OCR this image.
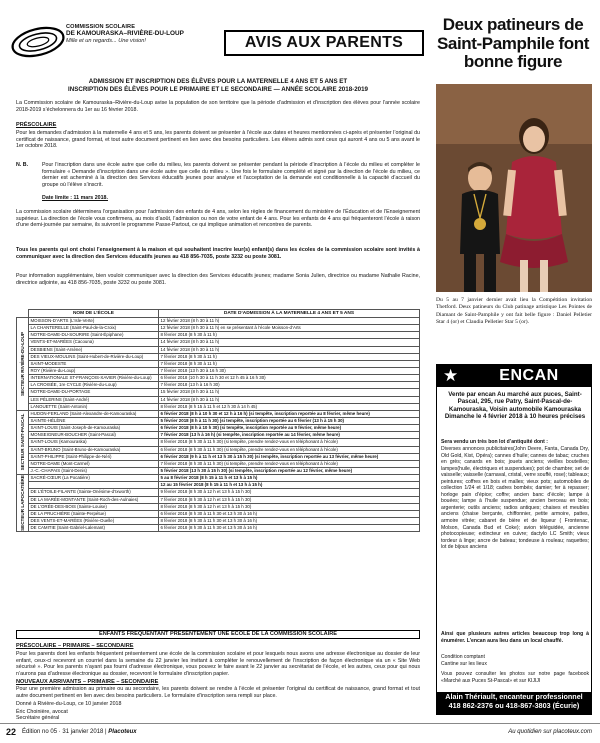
COMMISSION SCOLAIRE
DE KAMOURASKA–RIVIÈRE-DU-LOUP
Mille et un regards... Une vision!	AVIS AUX PARENTS
ADMISSION ET INSCRIPTION DES ÉLÈVES POUR LA MATERNELLE 4 ANS ET 5 ANS ET
INSCRIPTION DES ÉLÈVES POUR LE PRIMAIRE ET LE SECONDAIRE — ANNÉE SCOLAIRE 2018-2019
La Commission scolaire de Kamouraska–Rivière-du-Loup avise la population de son territoire que la période d’admission et d’inscription des élèves pour l’année scolaire 2018-2019 s’échelonnera du 1er au 16 février 2018.
PRÉSCOLAIRE
Pour les demandes d’admission à la maternelle 4 ans et 5 ans, les parents doivent se présenter à l’école aux dates et heures mentionnées ci-après et présenter l’original du certificat de naissance, grand format, et tout autre document pertinent en lien avec des besoins particuliers. Les élèves admis sont ceux qui auront 4 ans ou 5 ans avant le 1er octobre 2018.
N. B.	Pour l’inscription dans une école autre que celle du milieu, les parents doivent se présenter pendant la période d’inscription à l’école du milieu et compléter le formulaire « Demande d’inscription dans une école autre que celle du milieu ». Une fois le formulaire complété et signé par la direction de l’école du milieu, ce dernier est acheminé à la direction des Services éducatifs jeunes pour analyse et l’acceptation de la demande est conditionnelle à la capacité d’accueil du groupe où l’élève s’inscrit.
Date limite : 11 mars 2018.
La commission scolaire déterminera l’organisation pour l’admission des enfants de 4 ans, selon les règles de financement du ministère de l’Éducation et de l’Enseignement supérieur. La direction de l’école vous confirmera, au mois d’août, l’admission ou non de votre enfant de 4 ans. Pour les enfants de 4 ans qui fréquenteront l’école à raison d’une demi-journée par semaine, ils suivront le programme Passe-Partout, ce qui implique animation et rencontres de parents.
Tous les parents qui ont choisi l’enseignement à la maison et qui souhaitent inscrire leur(s) enfant(s) dans les écoles de la commission scolaire sont invités à communiquer avec la direction des Services éducatifs jeunes au 418 856-7035, poste 3232 ou poste 3081.
Pour information supplémentaire, bien vouloir communiquer avec la direction des Services éducatifs jeunes; madame Sonia Julien, directrice ou madame Nathalie Racine, directrice adjointe, au 418 856-7035, poste 3232 ou poste 3081.
	NOM DE L’ÉCOLE	DATE D’ADMISSION À LA MATERNELLE 4 ANS ET 5 ANS

SECTEUR RIVIÈRE-DU-LOUP	MOISSON-D’ARTS (L’Isle-Verte)	12 février 2018 (8 h 30 à 11 h)
	LA CHANTERELLE (Saint-Paul-de-la-Croix)	12 février 2018 (8 h 30 à 11 h) en se présentant à l’école Moisson-d’Arts
	NOTRE-DAME-DU-SOURIRE (Saint-Épiphane)	8 février 2018 (8 h 30 à 11 h)
	VENTS-ET-MARÉES (Cacouna)	14 février 2018 (8 h 30 à 11 h)
	DESBIENS (Saint-Arsène)	14 février 2018 (8 h 30 à 11 h)
	DES VIEUX-MOULINS (Saint-Hubert-de-Rivière-du-Loup)	7 février 2018 (8 h 30 à 11 h)
	SAINT-MODESTE	7 février 2018 (8 h 30 à 11 h)
	ROY (Rivière-du-Loup)	7 février 2018 (13 h 30 à 16 h 30)
	INTERNATIONALE ST-FRANÇOIS-XAVIER (Rivière-du-Loup)	6 février 2018 (10 h 30 à 11 h 30 et 12 h 45 à 16 h 30)
	LA CROISÉE, 1re CYCLE (Rivière-du-Loup)	7 février 2018 (13 h à 16 h 30)
	NOTRE-DAME-DU-PORTAGE	15 février 2018 (8 h 30 à 11 h)
	LES PÈLERINS (Saint-André)	14 février 2018 (8 h 30 à 11 h)
	LANOUETTE (Saint-Antonin)	8 février 2018 (8 h 15 à 11 h et 12 h 30 à 14 h 45)

SECTEUR SAINT-PASCAL	HUDON-FERLAND (Saint-Alexandre-de-Kamouraska)	6 février 2018 (8 h à 10 h 30 et 12 h à 16 h) (si tempête, inscription reportée au 8 février, même heure)
	SAINTE-HÉLÈNE	5 février 2018 (8 h à 11 h 30) (si tempête, inscription reportée au 6 février (13 h à 15 h 30)
	SAINT-LOUIS (Saint-Joseph-de-Kamouraska)	6 février 2018 (8 h à 10 h 30) (si tempête, inscription reportée au 9 février, même heure)
	MONSEIGNEUR-BOUCHER (Saint-Pascal)	7 février 2018 (13 h à 16 h) (si tempête, inscription reportée au 14 février, même heure)
	SAINT-LOUIS (Kamouraska)	8 février 2018 (8 h 30 à 11 h 30) (si tempête, prendre rendez-vous en téléphonant à l’école)
	SAINT-BRUNO (Saint-Bruno-de-Kamouraska)	6 février 2018 (8 h 30 à 11 h 30) (si tempête, prendre rendez-vous en téléphonant à l’école)
	SAINT-PHILIPPE (Saint-Philippe-de-Néri)	6 février 2018 (9 h à 11 h et 13 h 30 à 15 h 30) (si tempête, inscription reportée au 13 février, même heure)
	NOTRE-DAME (Mont-Carmel)	7 février 2018 (8 h 30 à 11 h 30) (si tempête, prendre rendez-vous en téléphonant à l’école)
	J.-C.-CHAPAIS (Saint-Denis)	5 février 2018 (13 h 30 à 15 h 30) (si tempête, inscription reportée au 12 février, même heure)

SECTEUR LAPOCATIÈRE	SACRÉ-CŒUR (La Pocatière)	5 au 8 février 2018 (8 h 15 à 11 h et 13 h à 15 h)
		12 au 15 février 2018 (8 h 15 à 11 h et 13 h à 15 h)
	DE L’ÉTOILE-FILANTE (Sainte-Onésime-d’Ixworth)	9 février 2018 (8 h 30 à 12 h et 13 h à 15 h 30)
	DE LA MARÉE-MONTANTE (Saint-Roch-des-Aulnaies)	7 février 2018 (8 h 30 à 12 h et 13 h à 15 h 30)
	DE L’ORÉE-DES-BOIS (Sainte-Louise)	8 février 2018 (8 h 30 à 12 h et 13 h à 15 h 30)
	DE LA PRUCHIÈRE (Sainte-Perpétue)	6 février 2018 (8 h 30 à 11 h 30 et 13 h 30 à 16 h)
	DES VENTS-ET-MARÉES (Rivière-Ouelle)	8 février 2018 (8 h 30 à 11 h 30 et 13 h 30 à 16 h)
	DE CAMITIE (Saint-Gabriel-Lalemant)	6 février 2018 (8 h 30 à 11 h 30 et 13 h 30 à 16 h)
ENFANTS FRÉQUENTANT PRÉSENTEMENT UNE ÉCOLE DE LA COMMISSION SCOLAIRE
PRÉSCOLAIRE – PRIMAIRE – SECONDAIRE
Pour les parents dont les enfants fréquentent présentement une école de la commission scolaire et pour lesquels nous avons une adresse électronique au dossier de leur enfant, ceux-ci recevront un courriel dans la semaine du 22 janvier les invitant à compléter le renouvellement de l’inscription de façon électronique via un « Site Web sécurisé ». Pour les parents n’ayant pas fourni d’adresse électronique, vous pouvez le faire avant le 22 janvier au secrétariat de l’école, et les autres, ceux pour qui nous n’aurons pas d’adresse électronique au dossier, recevront le formulaire d’inscription papier.
NOUVEAUX ARRIVANTS – PRIMAIRE – SECONDAIRE
Pour une première admission au primaire ou au secondaire, les parents doivent se rendre à l’école et présenter l’original du certificat de naissance, grand format et tout autre document pertinent en lien avec des besoins particuliers. Le formulaire d’inscription sera rempli sur place.
Donné à Rivière-du-Loup, ce 10 janvier 2018
Éric Choinière, avocat
Secrétaire général
Deux patineurs de Saint-Pamphile font bonne figure
Du 5 au 7 janvier dernier avait lieu la Compétition invitation Thetford. Deux patineurs du Club patinage artistique Les Pointes de Diamant de Saint-Pamphile y ont fait belle figure : Daniel Pelletier Star 4 (or) et Claudia Pelletier Star 5 (or).
★	ENCAN
Vente par encan Au marché aux puces, Saint-Pascal, 295, rue Patry, Saint-Pascal-de-Kamouraska, Voisin automobile Kamouraska Dimanche le 4 février 2018 à 10 heures précises
Sera vendu un très bon lot d’antiquité dont :
Diverses annonces publicitaires(John Deere, Fanta, Canada Dry, Old Gold, Kist, Opéra); cannes d’huile; cannes de tabac; cruches en grès; canards en bois; jouets anciens; vieilles bouteilles; lampes(huile, électriques et suspendues); pot de chambre; set de vaisselle; vaisselle (carnaval, cristal, verre souffé, rose); tableaux; peintures; coffres en bois et malles; vieux pots; automobiles de collection 1/24 et 1/18; cadres bombés; damier; fer à repasser; horloge pain d’épice; coffre; ancien banc d’école; lampe à bouées; lampe à l’huile suspendue; ancien berceau en bois; argenterie; outils anciens; radios antiques; chaises et meubles anciens (chaise berçante, chiffonnier, petite armoire, pattes, armoire vitrée; cabaret de bière et de liqueur ( Frontenac, Molson, Canada Bud et Coke); avion téléguidée, ancienne photocopieuse; extincteur en cuivre; dactylo LC Smith; vieux tordeur à linge; ancre de bateau; tondeuse à rouleau; raquettes; lot de bijoux anciens
Ainsi que plusieurs autres articles beaucoup trop long à énumérer. L’encan aura lieu dans un local chauffé.
Condition comptant
Cantine sur les lieux
Vous pouvez consulter les photos sur notre page facebook «Marché aux Puces St-Pascal» et sur KIJIJI
Alain Thériault, encanteur professionnel
418 862-2376 ou 418-867-3803 (Écurie)
22 Édition no 05 · 31 janvier 2018 | Placoteux	Au quotidien sur placoteux.com
